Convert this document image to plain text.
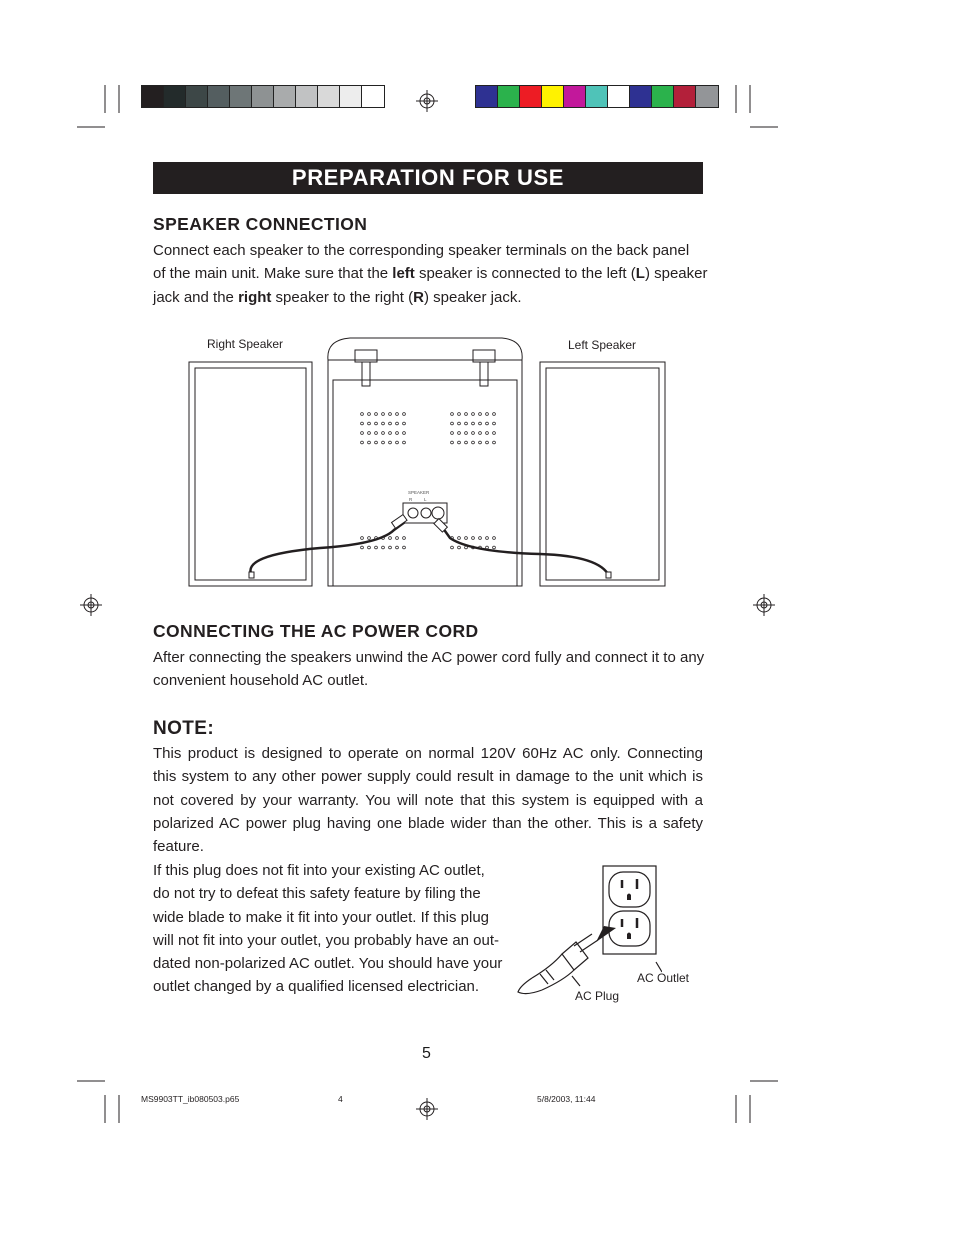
PREPARATION FOR USE
SPEAKER CONNECTION

Connect each speaker to the corresponding speaker terminals on the back panel
of the main unit. Make sure that the left speaker is connected to the left (L) speaker
jack and the right speaker to the right (R) speaker jack.

Right Speaker	Left Speaker
SPEAKER
R	L
CONNECTING THE AC POWER CORD

After connecting the speakers unwind the AC power cord fully and connect it to any
convenient household AC outlet.

NOTE:

This product is designed to operate on normal 120V 60Hz AC only. Connecting this system to any other power supply could result in damage to the unit which is not covered by your warranty. You will note that this system is equipped with a polarized AC power plug having one blade wider than the other. This is a safety feature.

If this plug does not fit into your existing AC outlet,
do not try to defeat this safety feature by filing the
wide blade to make it fit into your outlet. If this plug
will not fit into your outlet, you probably have an out-
dated non-polarized AC outlet. You should have your
outlet changed by a qualified licensed electrician.
AC Outlet
AC Plug
5
MS9903TT_ib080503.p65	4	5/8/2003, 11:44
